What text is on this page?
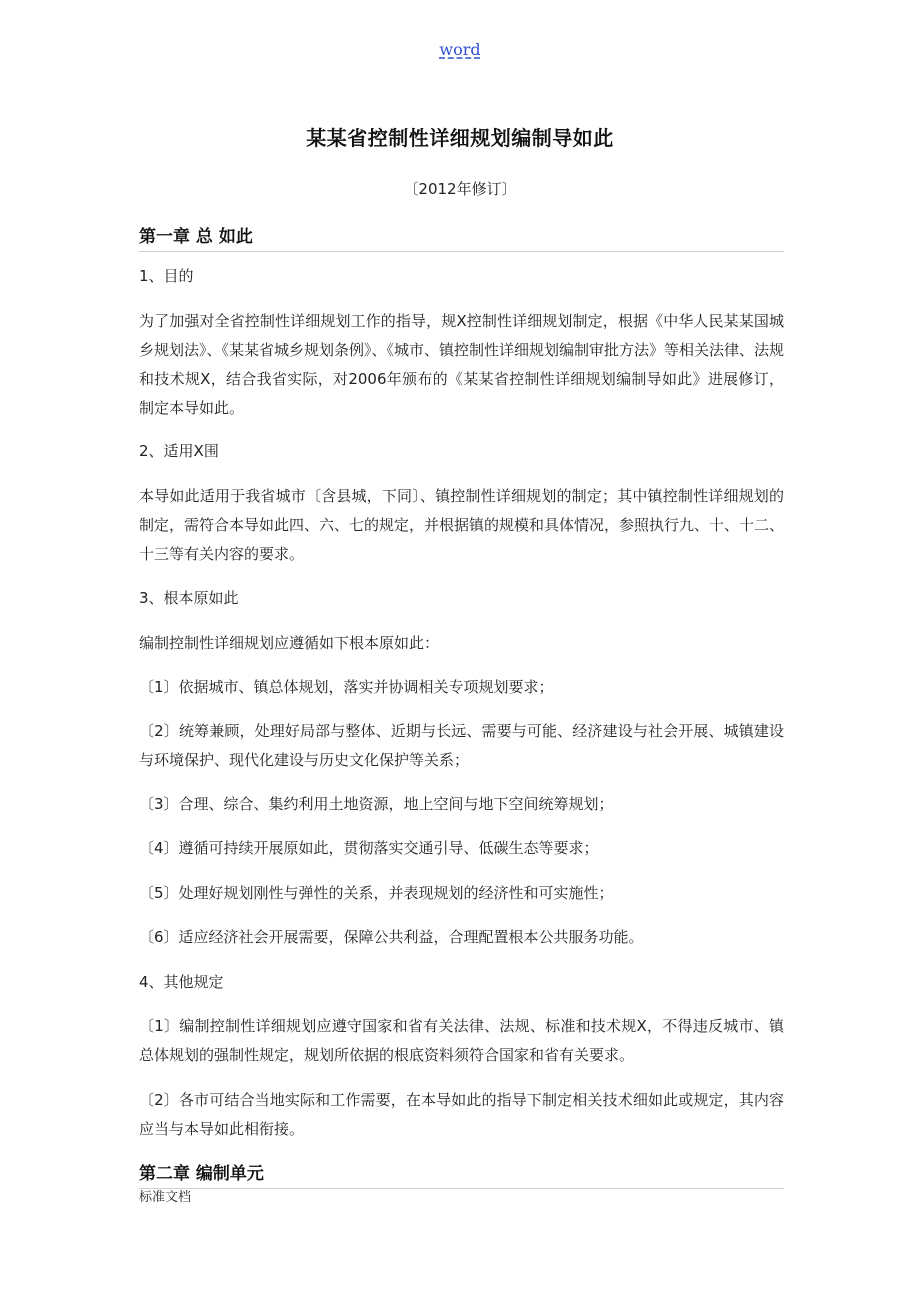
word
某某省控制性详细规划编制导如此
〔2012年修订〕
第一章 总 如此
1、目的
为了加强对全省控制性详细规划工作的指导，规X控制性详细规划制定，根据《中华人民某某国城乡规划法》、《某某省城乡规划条例》、《城市、镇控制性详细规划编制审批方法》等相关法律、法规和技术规X，结合我省实际，对2006年颁布的《某某省控制性详细规划编制导如此》进展修订，制定本导如此。
2、适用X围
本导如此适用于我省城市〔含县城，下同〕、镇控制性详细规划的制定；其中镇控制性详细规划的制定，需符合本导如此四、六、七的规定，并根据镇的规模和具体情况，参照执行九、十、十二、十三等有关内容的要求。
3、根本原如此
编制控制性详细规划应遵循如下根本原如此：
〔1〕依据城市、镇总体规划，落实并协调相关专项规划要求；
〔2〕统筹兼顾，处理好局部与整体、近期与长远、需要与可能、经济建设与社会开展、城镇建设与环境保护、现代化建设与历史文化保护等关系；
〔3〕合理、综合、集约利用土地资源，地上空间与地下空间统筹规划；
〔4〕遵循可持续开展原如此，贯彻落实交通引导、低碳生态等要求；
〔5〕处理好规划刚性与弹性的关系，并表现规划的经济性和可实施性；
〔6〕适应经济社会开展需要，保障公共利益，合理配置根本公共服务功能。
4、其他规定
〔1〕编制控制性详细规划应遵守国家和省有关法律、法规、标准和技术规X，不得违反城市、镇总体规划的强制性规定，规划所依据的根底资料须符合国家和省有关要求。
〔2〕各市可结合当地实际和工作需要，在本导如此的指导下制定相关技术细如此或规定，其内容应当与本导如此相衔接。
第二章 编制单元
标准文档
